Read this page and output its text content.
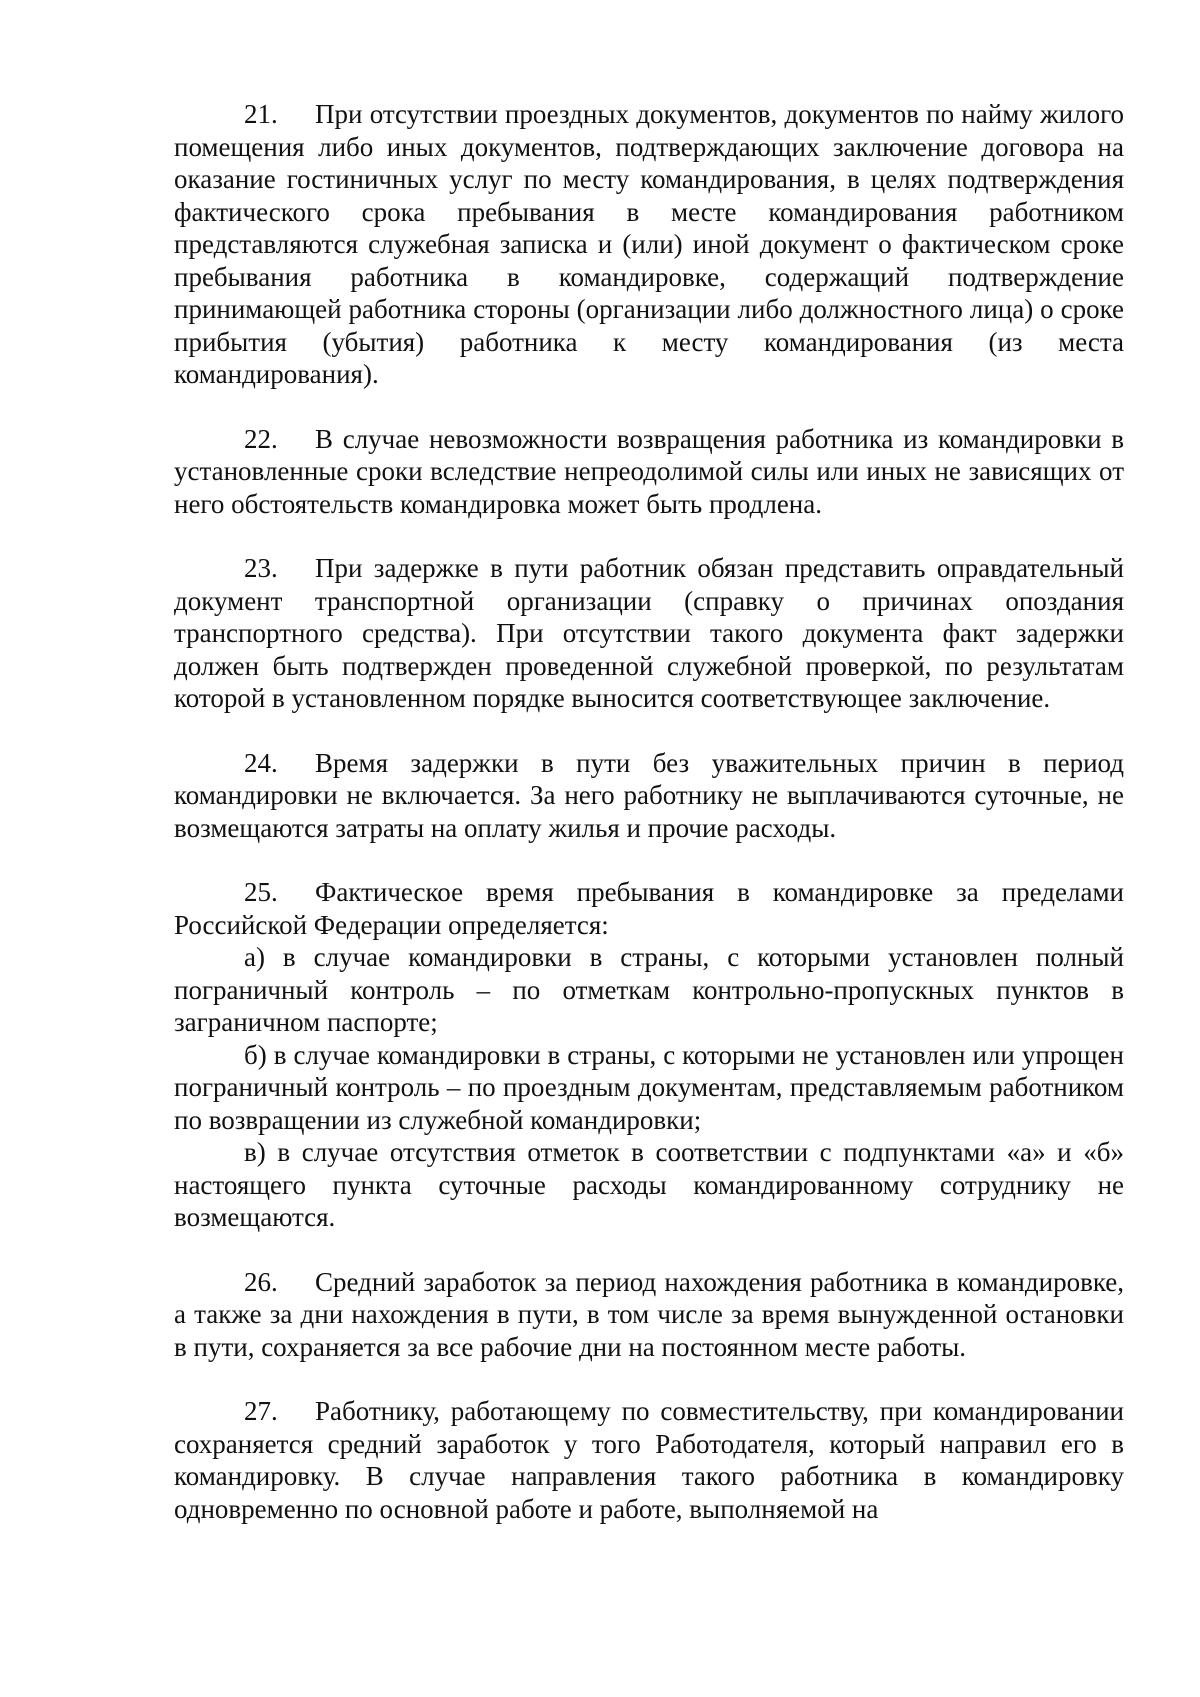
21. При отсутствии проездных документов, документов по найму жилого помещения либо иных документов, подтверждающих заключение договора на оказание гостиничных услуг по месту командирования, в целях подтверждения фактического срока пребывания в месте командирования работником представляются служебная записка и (или) иной документ о фактическом сроке пребывания работника в командировке, содержащий подтверждение принимающей работника стороны (организации либо должностного лица) о сроке прибытия (убытия) работника к месту командирования (из места командирования).

22. В случае невозможности возвращения работника из командировки в установленные сроки вследствие непреодолимой силы или иных не зависящих от него обстоятельств командировка может быть продлена.

23. При задержке в пути работник обязан представить оправдательный документ транспортной организации (справку о причинах опоздания транспортного средства). При отсутствии такого документа факт задержки должен быть подтвержден проведенной служебной проверкой, по результатам которой в установленном порядке выносится соответствующее заключение.

24. Время задержки в пути без уважительных причин в период командировки не включается. За него работнику не выплачиваются суточные, не возмещаются затраты на оплату жилья и прочие расходы.

25. Фактическое время пребывания в командировке за пределами Российской Федерации определяется:

а) в случае командировки в страны, с которыми установлен полный пограничный контроль – по отметкам контрольно-пропускных пунктов в заграничном паспорте;

б) в случае командировки в страны, с которыми не установлен или упрощен пограничный контроль – по проездным документам, представляемым работником по возвращении из служебной командировки;

в) в случае отсутствия отметок в соответствии с подпунктами «а» и «б» настоящего пункта суточные расходы командированному сотруднику не возмещаются.

26. Средний заработок за период нахождения работника в командировке, а также за дни нахождения в пути, в том числе за время вынужденной остановки в пути, сохраняется за все рабочие дни на постоянном месте работы.

27. Работнику, работающему по совместительству, при командировании сохраняется средний заработок у того Работодателя, который направил его в командировку. В случае направления такого работника в командировку одновременно по основной работе и работе, выполняемой на
